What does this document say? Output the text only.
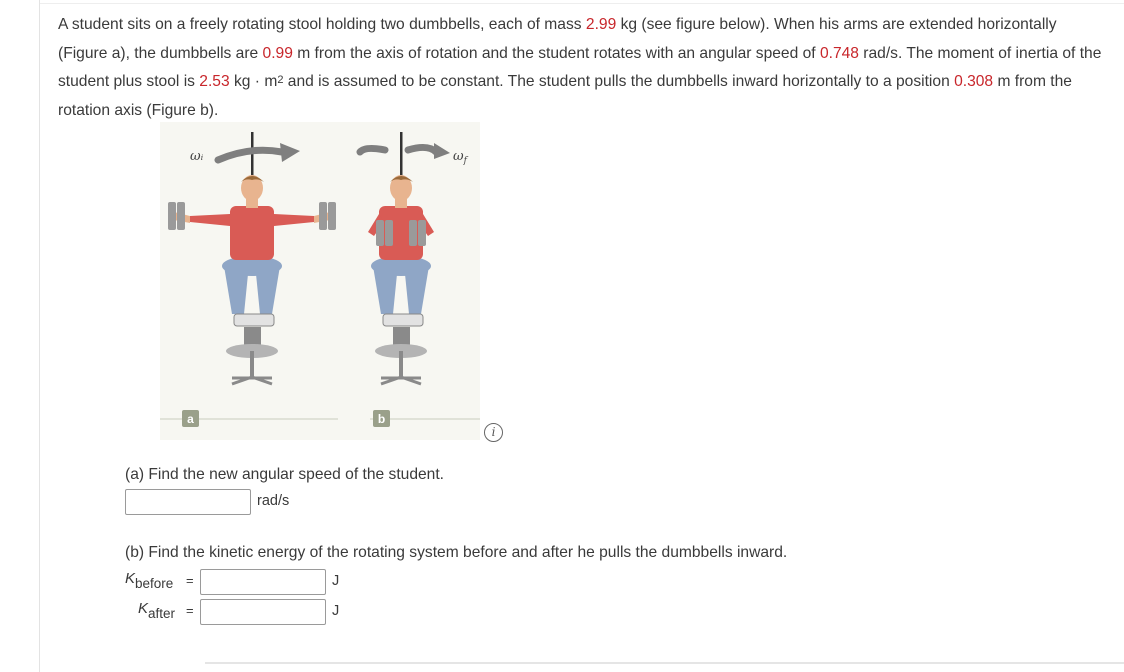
A student sits on a freely rotating stool holding two dumbbells, each of mass 2.99 kg (see figure below). When his arms are extended horizontally (Figure a), the dumbbells are 0.99 m from the axis of rotation and the student rotates with an angular speed of 0.748 rad/s. The moment of inertia of the student plus stool is 2.53 kg · $m^2$ and is assumed to be constant. The student pulls the dumbbells inward horizontally to a position 0.308 m from the rotation axis (Figure b).
ωᵢ	$\omega_f$
a	b
i
(a) Find the new angular speed of the student.
rad/s
(b) Find the kinetic energy of the rotating system before and after he pulls the dumbbells inward.
Kbefore =	J
Kafter =	J
